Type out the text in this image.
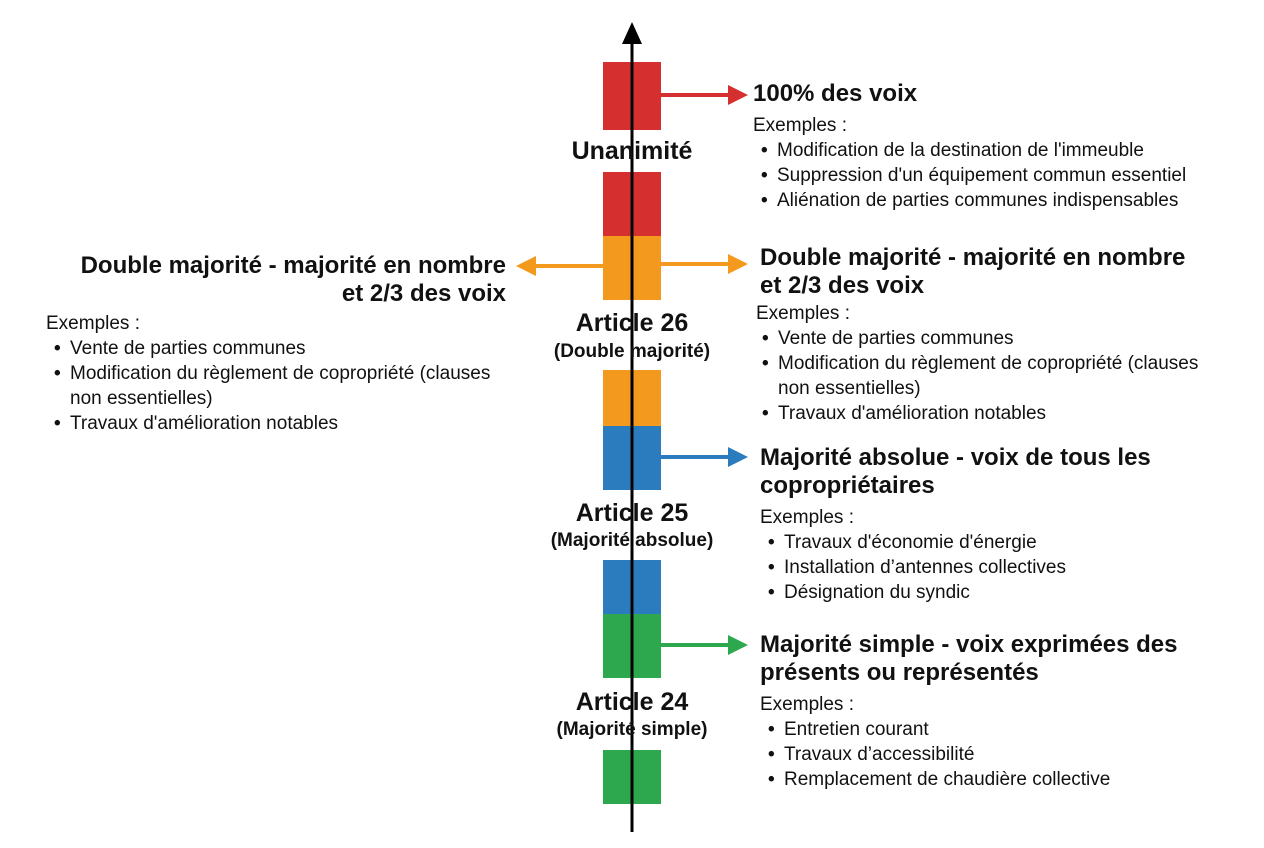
Unanimité
Article 26
(Double majorité)
Article 25
(Majorité absolue)
Article 24
(Majorité simple)
100% des voix
Exemples :
• Modification de la destination de l'immeuble
• Suppression d'un équipement commun essentiel
• Aliénation de parties communes indispensables
Double majorité - majorité en nombre
et 2/3 des voix
Exemples :
• Vente de parties communes
• Modification du règlement de copropriété (clauses non essentielles)
• Travaux d'amélioration notables
Double majorité - majorité en nombre
et 2/3 des voix
Exemples :
• Vente de parties communes
• Modification du règlement de copropriété (clauses non essentielles)
• Travaux d'amélioration notables
Majorité absolue - voix de tous les
copropriétaires
Exemples :
• Travaux d'économie d'énergie
• Installation d’antennes collectives
• Désignation du syndic
Majorité simple - voix exprimées des
présents ou représentés
Exemples :
• Entretien courant
• Travaux d’accessibilité
• Remplacement de chaudière collective
